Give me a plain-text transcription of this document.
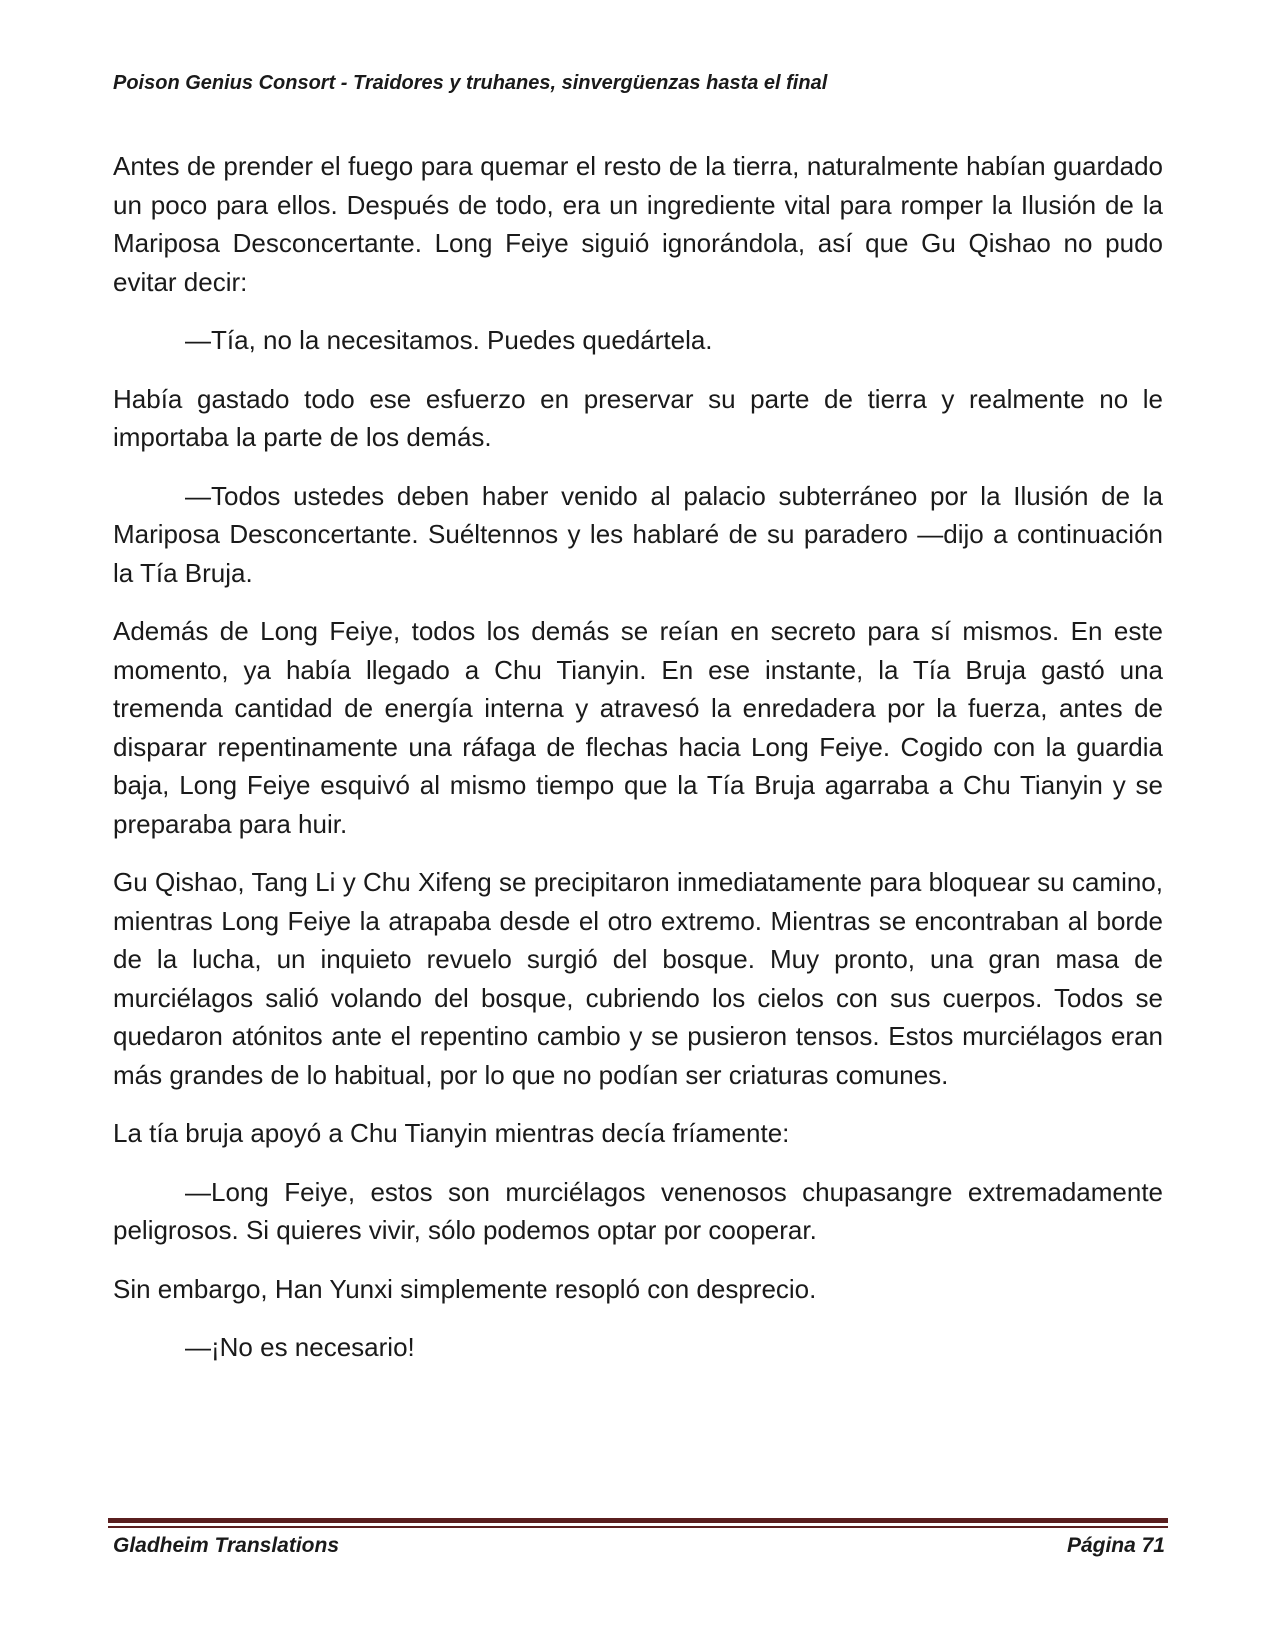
Poison Genius Consort - Traidores y truhanes, sinvergüenzas hasta el final

Antes de prender el fuego para quemar el resto de la tierra, naturalmente habían guardado un poco para ellos. Después de todo, era un ingrediente vital para romper la Ilusión de la Mariposa Desconcertante. Long Feiye siguió ignorándola, así que Gu Qishao no pudo evitar decir:

—Tía, no la necesitamos. Puedes quedártela.

Había gastado todo ese esfuerzo en preservar su parte de tierra y realmente no le importaba la parte de los demás.

—Todos ustedes deben haber venido al palacio subterráneo por la Ilusión de la Mariposa Desconcertante. Suéltennos y les hablaré de su paradero —dijo a continuación la Tía Bruja.

Además de Long Feiye, todos los demás se reían en secreto para sí mismos. En este momento, ya había llegado a Chu Tianyin. En ese instante, la Tía Bruja gastó una tremenda cantidad de energía interna y atravesó la enredadera por la fuerza, antes de disparar repentinamente una ráfaga de flechas hacia Long Feiye. Cogido con la guardia baja, Long Feiye esquivó al mismo tiempo que la Tía Bruja agarraba a Chu Tianyin y se preparaba para huir.

Gu Qishao, Tang Li y Chu Xifeng se precipitaron inmediatamente para bloquear su camino, mientras Long Feiye la atrapaba desde el otro extremo. Mientras se encontraban al borde de la lucha, un inquieto revuelo surgió del bosque. Muy pronto, una gran masa de murciélagos salió volando del bosque, cubriendo los cielos con sus cuerpos. Todos se quedaron atónitos ante el repentino cambio y se pusieron tensos. Estos murciélagos eran más grandes de lo habitual, por lo que no podían ser criaturas comunes.

La tía bruja apoyó a Chu Tianyin mientras decía fríamente:

—Long Feiye, estos son murciélagos venenosos chupasangre extremadamente peligrosos. Si quieres vivir, sólo podemos optar por cooperar.

Sin embargo, Han Yunxi simplemente resopló con desprecio.

—¡No es necesario!

Gladheim Translations	Página 71
